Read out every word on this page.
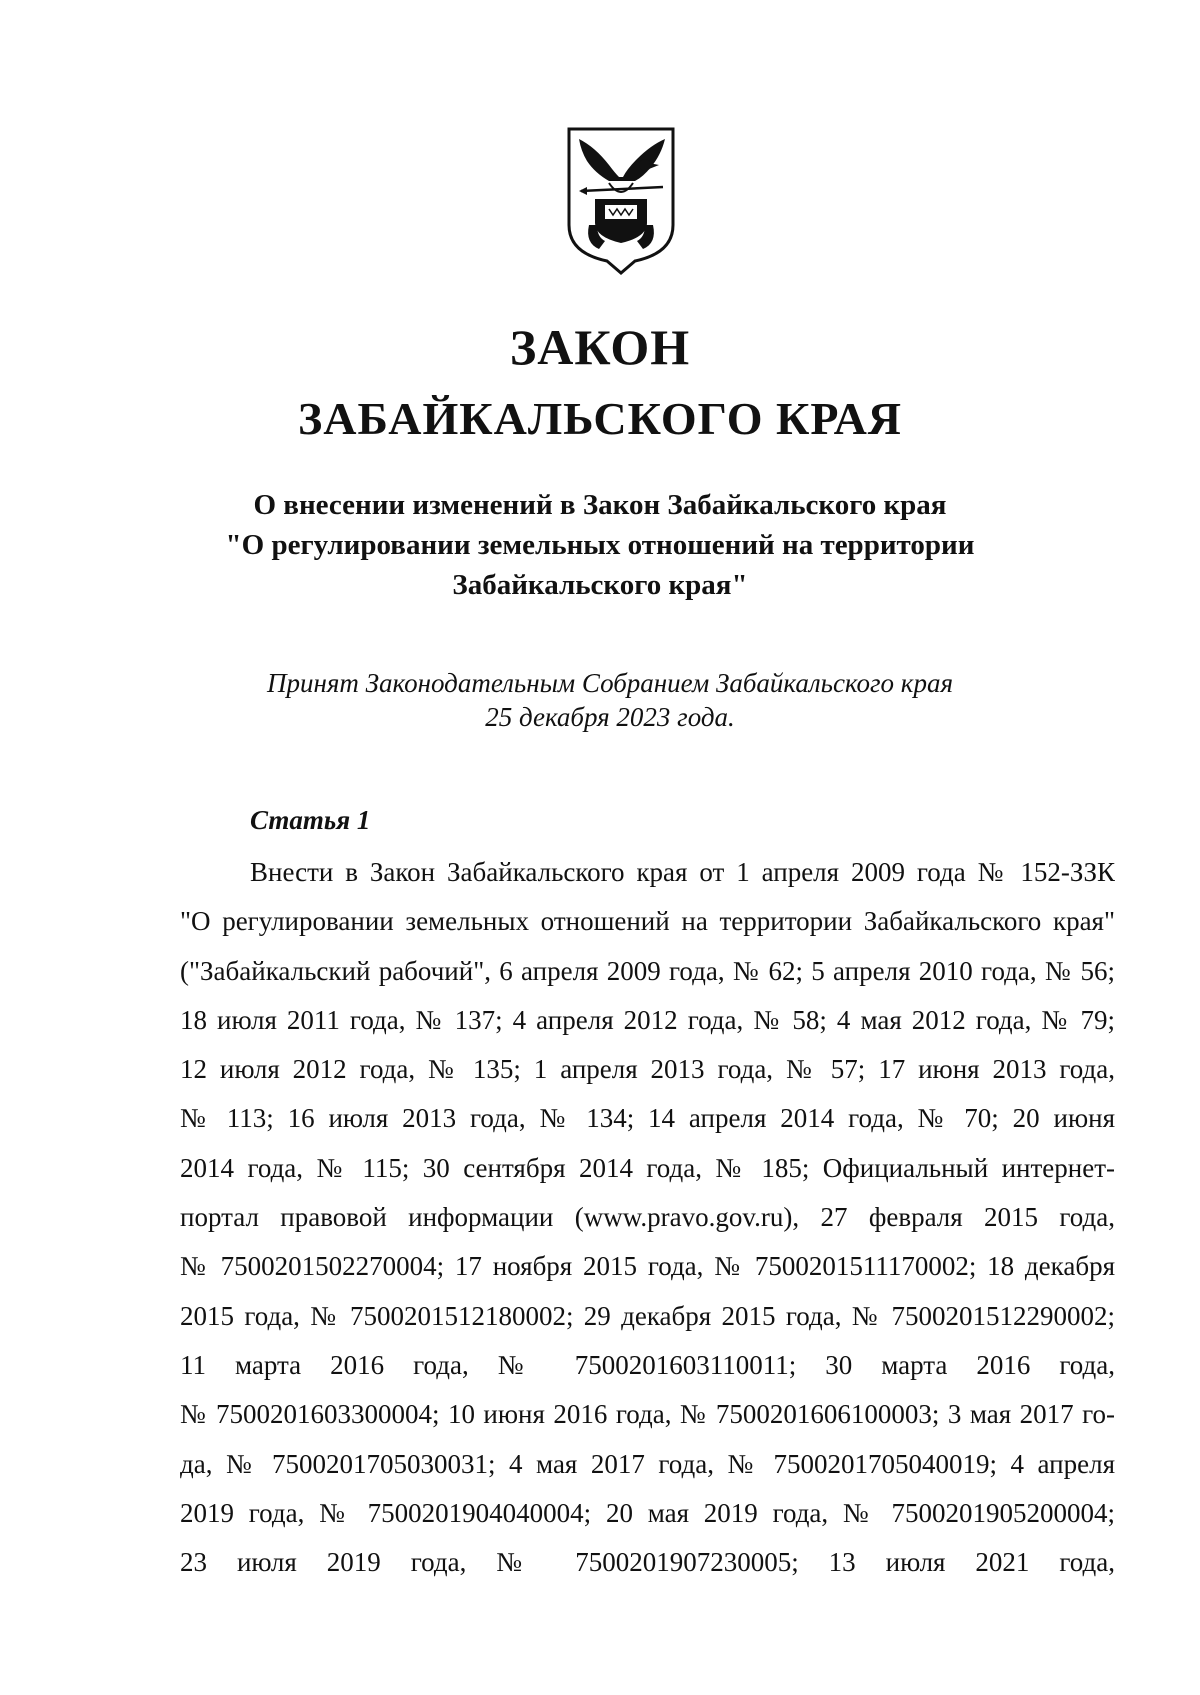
ЗАКОН
ЗАБАЙКАЛЬСКОГО КРАЯ
О внесении изменений в Закон Забайкальского края
"О регулировании земельных отношений на территории
Забайкальского края"
Принят Законодательным Собранием Забайкальского края
25 декабря 2023 года.
Статья 1
Внести в Закон Забайкальского края от 1 апреля 2009 года № 152-ЗЗК
"О регулировании земельных отношений на территории Забайкальского края"
("Забайкальский рабочий", 6 апреля 2009 года, № 62; 5 апреля 2010 года, № 56;
18 июля 2011 года, № 137; 4 апреля 2012 года, № 58; 4 мая 2012 года, № 79;
12 июля 2012 года, № 135; 1 апреля 2013 года, № 57; 17 июня 2013 года,
№ 113; 16 июля 2013 года, № 134; 14 апреля 2014 года, № 70; 20 июня
2014 года, № 115; 30 сентября 2014 года, № 185; Официальный интернет-
портал правовой информации (www.pravo.gov.ru), 27 февраля 2015 года,
№ 7500201502270004; 17 ноября 2015 года, № 7500201511170002; 18 декабря
2015 года, № 7500201512180002; 29 декабря 2015 года, № 7500201512290002;
11 марта 2016 года, № 7500201603110011; 30 марта 2016 года,
№ 7500201603300004; 10 июня 2016 года, № 7500201606100003; 3 мая 2017 го-
да, № 7500201705030031; 4 мая 2017 года, № 7500201705040019; 4 апреля
2019 года, № 7500201904040004; 20 мая 2019 года, № 7500201905200004;
23 июля 2019 года, № 7500201907230005; 13 июля 2021 года,
